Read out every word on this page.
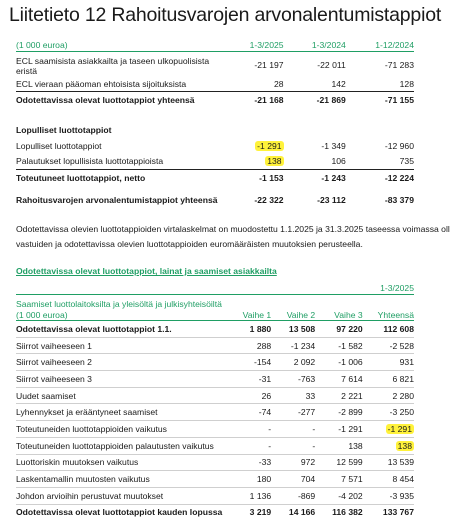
Liitetieto 12 Rahoitusvarojen arvonalentumistappiot
(1 000 euroa)	1-3/2025	1-3/2024	1-12/2024
ECL saamisista asiakkailta ja taseen ulkopuolisista eristä	-21 197	-22 011	-71 283
ECL vieraan pääoman ehtoisista sijoituksista	28	142	128
Odotettavissa olevat luottotappiot yhteensä	-21 168	-21 869	-71 155

Lopulliset luottotappiot			
Lopulliset luottotappiot	-1 291	-1 349	-12 960
Palautukset lopullisista luottotappioista	138	106	735
Toteutuneet luottotappiot, netto	-1 153	-1 243	-12 224

Rahoitusvarojen arvonalentumistappiot yhteensä	-22 322	-23 112	-83 379
Odotettavissa olevien luottotappioiden virtalaskelmat on muodostettu 1.1.2025 ja 31.3.2025 taseessa voimassa oll
vastuiden ja odotettavissa olevien luottotappioiden euromääräisten muutoksien perusteella.
Odotettavissa olevat luottotappiot, lainat ja saamiset asiakkailta
				1-3/2025
Saamiset luottolaitoksilta ja yleisöltä ja julkisyhteisöiltä (1 000 euroa)	Vaihe 1	Vaihe 2	Vaihe 3	Yhteensä
Odotettavissa olevat luottotappiot 1.1.	1 880	13 508	97 220	112 608
Siirrot vaiheeseen 1	288	-1 234	-1 582	-2 528
Siirrot vaiheeseen 2	-154	2 092	-1 006	931
Siirrot vaiheeseen 3	-31	-763	7 614	6 821
Uudet saamiset	26	33	2 221	2 280
Lyhennykset ja erääntyneet saamiset	-74	-277	-2 899	-3 250
Toteutuneiden luottotappioiden vaikutus	-	-	-1 291	-1 291
Toteutuneiden luottotappioiden palautusten vaikutus	-	-	138	138
Luottoriskin muutoksen vaikutus	-33	972	12 599	13 539
Laskentamallin muutosten vaikutus	180	704	7 571	8 454
Johdon arvioihin perustuvat muutokset	1 136	-869	-4 202	-3 935
Odotettavissa olevat luottotappiot kauden lopussa	3 219	14 166	116 382	133 767
